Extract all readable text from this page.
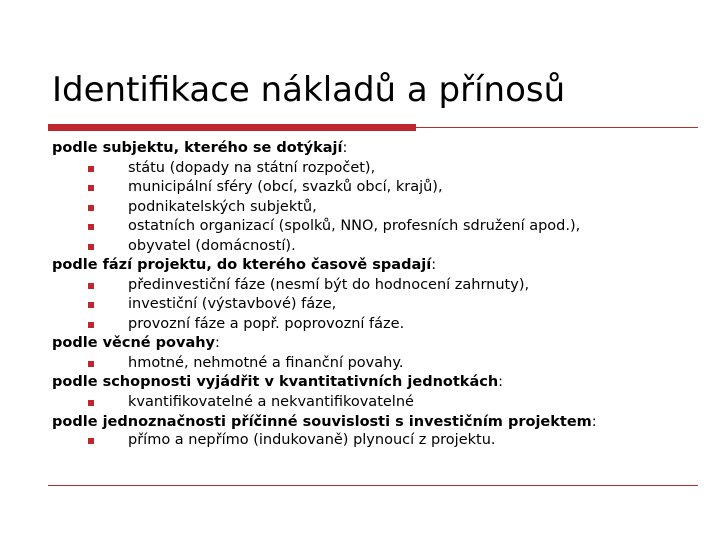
Identifikace nákladů a přínosů

podle subjektu, kterého se dotýkají:

státu (dopady na státní rozpočet),

municipální sféry (obcí, svazků obcí, krajů),

podnikatelských subjektů,

ostatních organizací (spolků, NNO, profesních sdružení apod.),

obyvatel (domácností).

podle fází projektu, do kterého časově spadají:

předinvestiční fáze (nesmí být do hodnocení zahrnuty),

investiční (výstavbové) fáze,

provozní fáze a popř. poprovozní fáze.

podle věcné povahy:

hmotné, nehmotné a finanční povahy.

podle schopnosti vyjádřit v kvantitativních jednotkách:

kvantifikovatelné a nekvantifikovatelné

podle jednoznačnosti příčinné souvislosti s investičním projektem:

přímo a nepřímo (indukovaně) plynoucí z projektu.
